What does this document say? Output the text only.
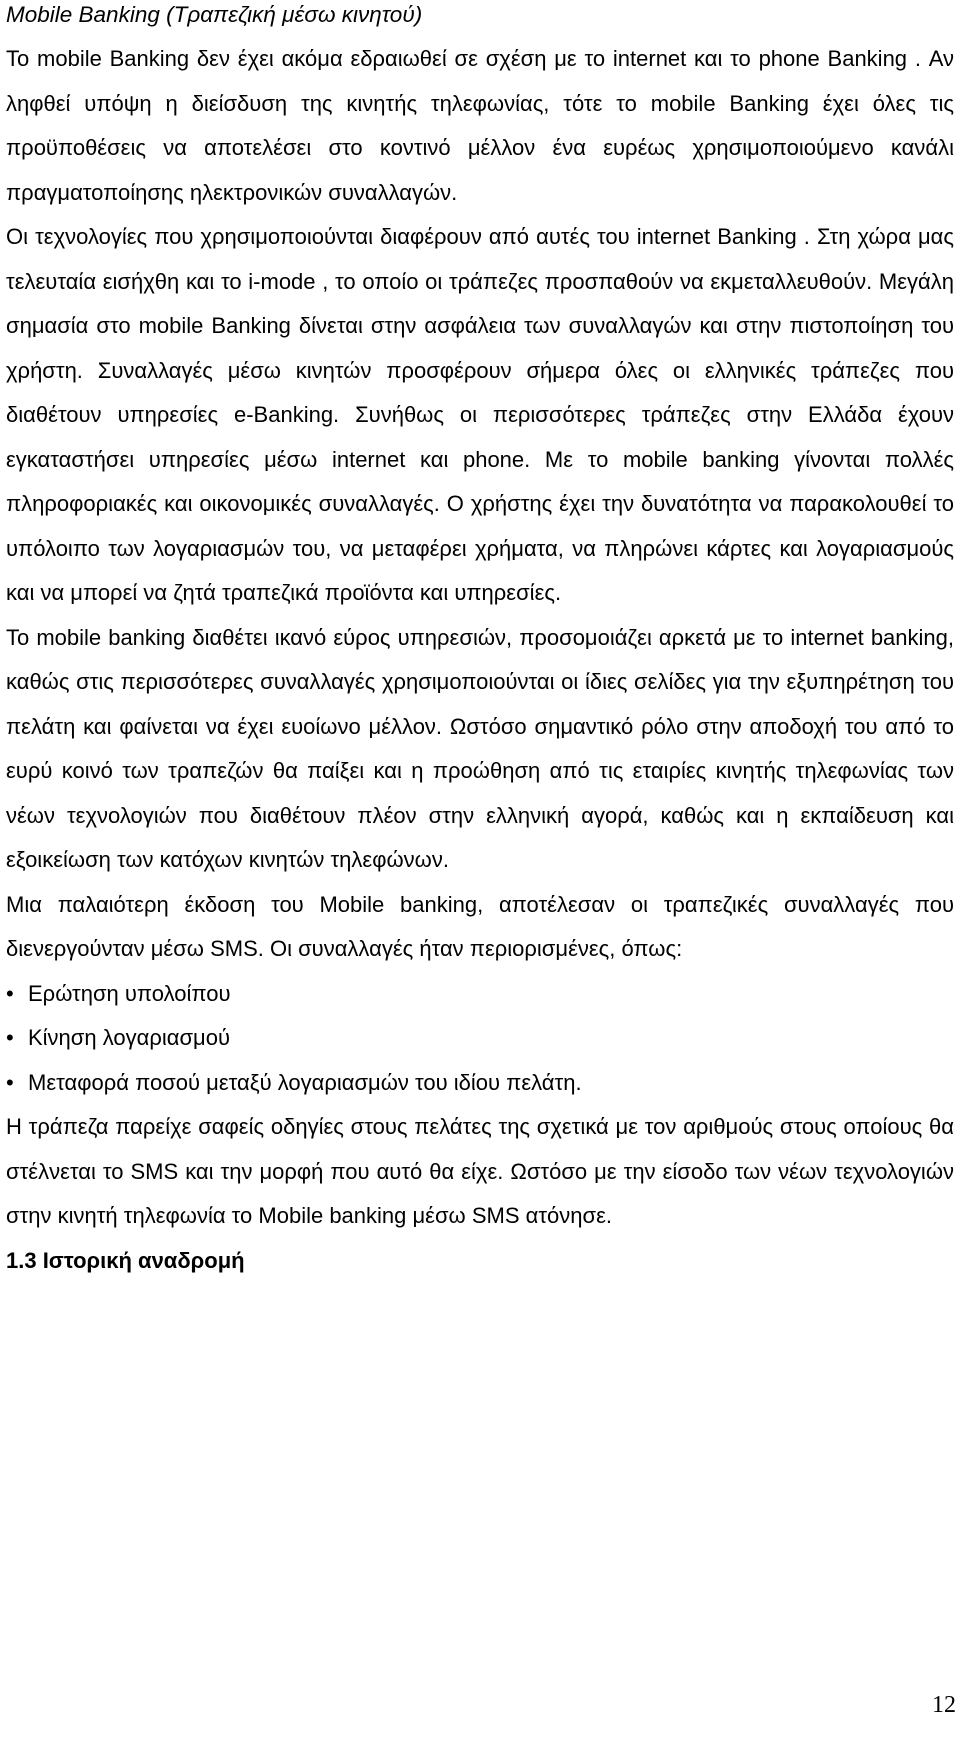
Mobile Banking (Τραπεζική μέσω κινητού)

Το mobile Banking δεν έχει ακόμα εδραιωθεί σε σχέση με το internet και το phone Banking . Αν ληφθεί υπόψη η διείσδυση της κινητής τηλεφωνίας, τότε το mobile Banking έχει όλες τις προϋποθέσεις να αποτελέσει στο κοντινό μέλλον ένα ευρέως χρησιμοποιούμενο κανάλι πραγματοποίησης ηλεκτρονικών συναλλαγών.

Οι τεχνολογίες που χρησιμοποιούνται διαφέρουν από αυτές του internet Banking . Στη χώρα μας τελευταία εισήχθη και το i-mode , το οποίο οι τράπεζες προσπαθούν να εκμεταλλευθούν. Μεγάλη σημασία στο mobile Banking δίνεται στην ασφάλεια των συναλλαγών και στην πιστοποίηση του χρήστη. Συναλλαγές μέσω κινητών προσφέρουν σήμερα όλες οι ελληνικές τράπεζες που διαθέτουν υπηρεσίες e-Banking. Συνήθως οι περισσότερες τράπεζες στην Ελλάδα έχουν εγκαταστήσει υπηρεσίες μέσω internet και phone. Με το mobile banking γίνονται πολλές πληροφοριακές και οικονομικές συναλλαγές. Ο χρήστης έχει την δυνατότητα να παρακολουθεί το υπόλοιπο των λογαριασμών του, να μεταφέρει χρήματα, να πληρώνει κάρτες και λογαριασμούς και να μπορεί να ζητά τραπεζικά προϊόντα και υπηρεσίες.

Το mobile banking διαθέτει ικανό εύρος υπηρεσιών, προσομοιάζει αρκετά με το internet banking, καθώς στις περισσότερες συναλλαγές χρησιμοποιούνται οι ίδιες σελίδες για την εξυπηρέτηση του πελάτη και φαίνεται να έχει ευοίωνο μέλλον. Ωστόσο σημαντικό ρόλο στην αποδοχή του από το ευρύ κοινό των τραπεζών θα παίξει και η προώθηση από τις εταιρίες κινητής τηλεφωνίας των νέων τεχνολογιών που διαθέτουν πλέον στην ελληνική αγορά, καθώς και η εκπαίδευση και εξοικείωση των κατόχων κινητών τηλεφώνων.

Μια παλαιότερη έκδοση του Mobile banking, αποτέλεσαν οι τραπεζικές συναλλαγές που διενεργούνταν μέσω SMS. Οι συναλλαγές ήταν περιορισμένες, όπως:

• Ερώτηση υπολοίπου
• Κίνηση λογαριασμού
• Μεταφορά ποσού μεταξύ λογαριασμών του ιδίου πελάτη.

Η τράπεζα παρείχε σαφείς οδηγίες στους πελάτες της σχετικά με τον αριθμούς στους οποίους θα στέλνεται το SMS και την μορφή που αυτό θα είχε. Ωστόσο με την είσοδο των νέων τεχνολογιών στην κινητή τηλεφωνία το Mobile banking μέσω SMS ατόνησε.

1.3 Ιστορική αναδρομή

12
